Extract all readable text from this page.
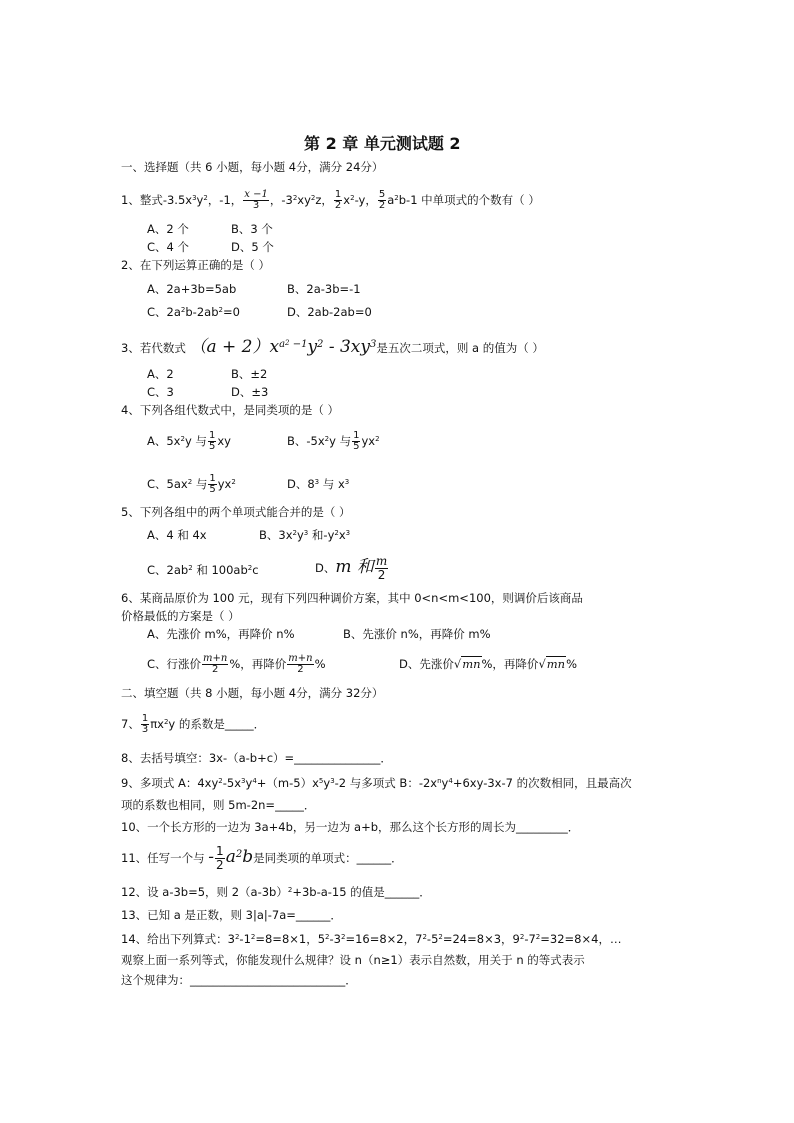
第 2 章 单元测试题 2
一、选择题（共 6 小题，每小题 4分，满分 24分）
1、整式$-3.5x^3y^2$，-1， $\frac{x -1}{3}$ ，$-3^2xy^2z$， $\frac{1}{2} x^2-y$， $\frac{5}{2} a^2b-1$ 中单项式的个数有（ ）
A、2 个	B、3 个
C、4 个	D、5 个
2、在下列运算正确的是（ ）
A、2a+3b=5ab	B、2a-3b=-1
C、$2a^2b-2ab^2=0$	D、2ab-2ab=0
3、若代数式 $(a + 2)x^{a^2 -1}y^2 - 3xy^3$是五次二项式，则 a 的值为（ ）
A、2	B、±2
C、3	D、±3
4、下列各组代数式中，是同类项的是（ ）
A、$5x^2y$ 与 $\frac{1}{5}$ xy	B、$-5x^2y$ 与 $\frac{1}{5} yx^2$
C、$5ax^2$ 与 $\frac{1}{5} yx^2$	D、$8^3$ 与 $x^3$
5、下列各组中的两个单项式能合并的是（ ）
A、4 和 4x	B、$3x^2y^3$ 和$-y^2x^3$
C、$2ab^2$ 和 $100ab^2c$	D、m 和 $\frac{m}{2}$
6、某商品原价为 100 元，现有下列四种调价方案，其中 0<n<m<100，则调价后该商品
价格最低的方案是（ ）
A、先涨价 m%，再降价 n%	B、先涨价 n%，再降价 m%
C、行涨价 $\frac{m+n}{2}$ %，再降价 $\frac{m+n}{2}$ %	D、先涨价√mn%，再降价√mn%
二、填空题（共 8 小题，每小题 4分，满分 32分）
7、 $\frac{1}{3} \pi x^2y$ 的系数是_____．
8、去括号填空：3x-（a-b+c）=_______________．
9、多项式 A：$4xy^2-5x^3y^4+(m-5)x^5y^3-2$ 与多项式 B：$-2x^ny^4+6xy-3x-7$ 的次数相同，且最高次
项的系数也相同，则 5m-2n=_____．
10、一个长方形的一边为 3a+4b，另一边为 a+b，那么这个长方形的周长为_________．
11、任写一个与 - $\frac{1}{2} a^2b$是同类项的单项式：______．
12、设 a-3b=5，则 $2(a-3b)^2+3b-a-15$ 的值是______．
13、已知 a 是正数，则 3|a|-7a=______．
14、给出下列算式：$3^2-1^2=8=8\times 1$，$5^2-3^2=16=8\times 2$，$7^2-5^2=24=8\times 3$，$9^2-7^2=32=8\times 4$，…
观察上面一系列等式，你能发现什么规律？设 n（n≥1）表示自然数，用关于 n 的等式表示
这个规律为：___________________________．
